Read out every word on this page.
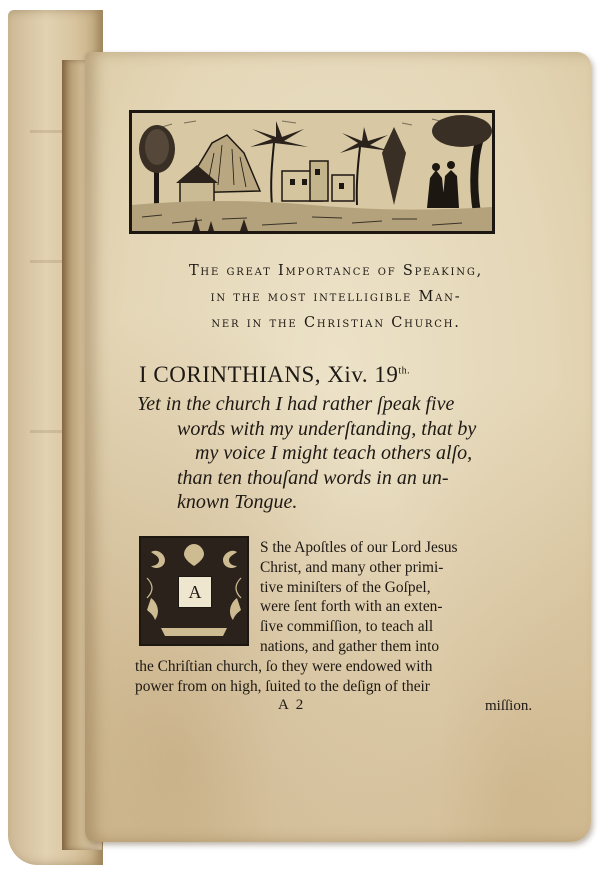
The great Importance of Speaking,
in the most intelligible Man-
ner in the Christian Church.
I CORINTHIANS, Xiv. $19^{th.}$
Yet in the church I had rather ſpeak five
words with my underſtanding, that by
my voice I might teach others alſo,
than ten thouſand words in an un-
known Tongue.
A
S the Apoſtles of our Lord Jesus
Christ, and many other primi-
tive miniſters of the Goſpel,
were ſent forth with an exten-
ſive commiſſion, to teach all
nations, and gather them into
the Chriſtian church, ſo they were endowed with
power from on high, ſuited to the deſign of their
A 2	miſſion.
